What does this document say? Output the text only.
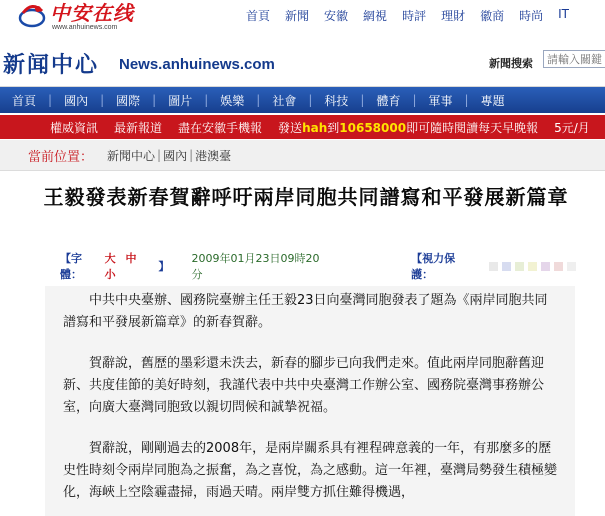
中安在线
www.anhuinews.com
首頁 新聞 安徽 網視 時評 理財 徽商 時尚 IT
新闻中心 News.anhuinews.com	新聞搜索
請輸入關鍵
首頁	|	國內	|	國際	|	圖片	|	娛樂	|	社會	|	科技	|	體育	|	軍事	|	專題
權威資訊 最新報道 盡在安徽手機報 發送hah到10658000即可隨時閱讀每天早晚報 5元/月
當前位置： 新聞中心 | 國內 | 港澳臺
王毅發表新春賀辭呼吁兩岸同胞共同譜寫和平發展新篇章
【字體：
大 中 小
】
2009年01月23日09時20分
【視力保護：

　　中共中央臺辦、國務院臺辦主任王毅23日向臺灣同胞發表了題為《兩岸同胞共同譜寫和平發展新篇章》的新春賀辭。

　　賀辭說，舊歷的墨彩還未泆去，新春的腳步已向我們走來。值此兩岸同胞辭舊迎新、共度佳節的美好時刻，我謹代表中共中央臺灣工作辦公室、國務院臺灣事務辦公室，向廣大臺灣同胞致以親切問候和誠摯祝福。

　　賀辭說，剛剛過去的2008年，是兩岸關系具有裡程碑意義的一年，有那麼多的歷史性時刻令兩岸同胞為之振奮，為之喜悅，為之感動。這一年裡，臺灣局勢發生積極變化，海峽上空陰霾盡掃，雨過天晴。兩岸雙方抓住難得機遇，
